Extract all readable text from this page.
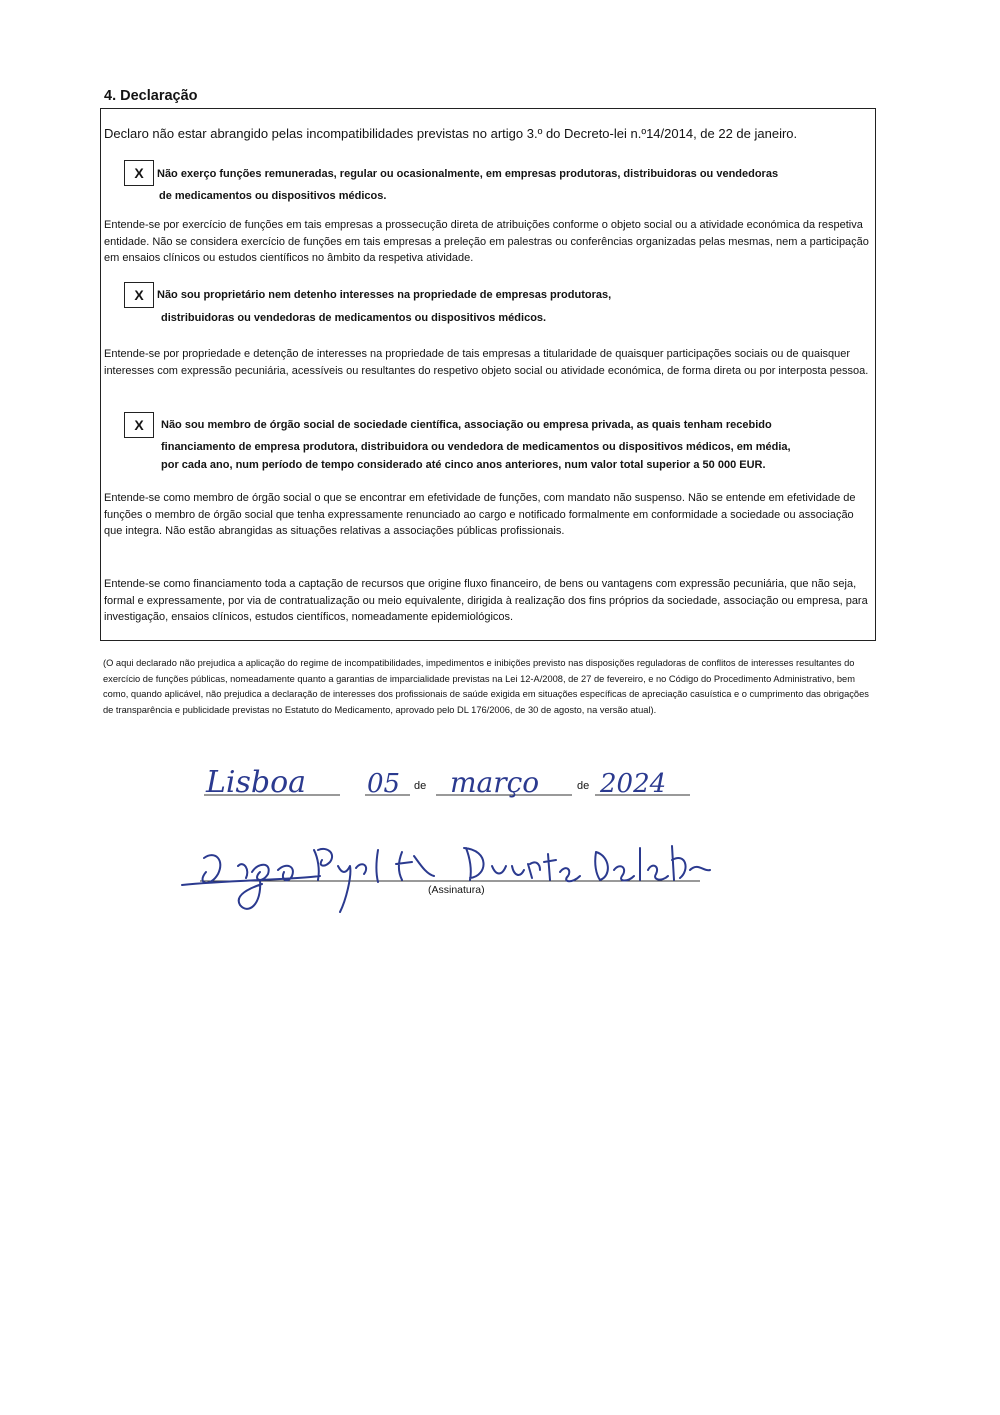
4. Declaração

Declaro não estar abrangido pelas incompatibilidades previstas no artigo 3.º do Decreto-lei n.º14/2014, de 22 de janeiro.

X Não exerço funções remuneradas, regular ou ocasionalmente, em empresas produtoras, distribuidoras ou vendedoras

de medicamentos ou dispositivos médicos.

Entende-se por exercício de funções em tais empresas a prossecução direta de atribuições conforme o objeto social ou a atividade económica da respetiva entidade. Não se considera exercício de funções em tais empresas a preleção em palestras ou conferências organizadas pelas mesmas, nem a participação em ensaios clínicos ou estudos científicos no âmbito da respetiva atividade.

X Não sou proprietário nem detenho interesses na propriedade de empresas produtoras,

distribuidoras ou vendedoras de medicamentos ou dispositivos médicos.

Entende-se por propriedade e detenção de interesses na propriedade de tais empresas a titularidade de quaisquer participações sociais ou de quaisquer interesses com expressão pecuniária, acessíveis ou resultantes do respetivo objeto social ou atividade económica, de forma direta ou por interposta pessoa.

X Não sou membro de órgão social de sociedade científica, associação ou empresa privada, as quais tenham recebido

financiamento de empresa produtora, distribuidora ou vendedora de medicamentos ou dispositivos médicos, em média,

por cada ano, num período de tempo considerado até cinco anos anteriores, num valor total superior a 50 000 EUR.

Entende-se como membro de órgão social o que se encontrar em efetividade de funções, com mandato não suspenso. Não se entende em efetividade de funções o membro de órgão social que tenha expressamente renunciado ao cargo e notificado formalmente em conformidade a sociedade ou associação que integra. Não estão abrangidas as situações relativas a associações públicas profissionais.

Entende-se como financiamento toda a captação de recursos que origine fluxo financeiro, de bens ou vantagens com expressão pecuniária, que não seja, formal e expressamente, por via de contratualização ou meio equivalente, dirigida à realização dos fins próprios da sociedade, associação ou empresa, para investigação, ensaios clínicos, estudos científicos, nomeadamente epidemiológicos.

(O aqui declarado não prejudica a aplicação do regime de incompatibilidades, impedimentos e inibições previsto nas disposições reguladoras de conflitos de interesses resultantes do exercício de funções públicas, nomeadamente quanto a garantias de imparcialidade previstas na Lei 12-A/2008, de 27 de fevereiro, e no Código do Procedimento Administrativo, bem como, quando aplicável, não prejudica a declaração de interesses dos profissionais de saúde exigida em situações específicas de apreciação casuística e o cumprimento das obrigações de transparência e publicidade previstas no Estatuto do Medicamento, aprovado pelo DL 176/2006, de 30 de agosto, na versão atual).

Lisboa 05 março 2024
de	de
(Assinatura)
